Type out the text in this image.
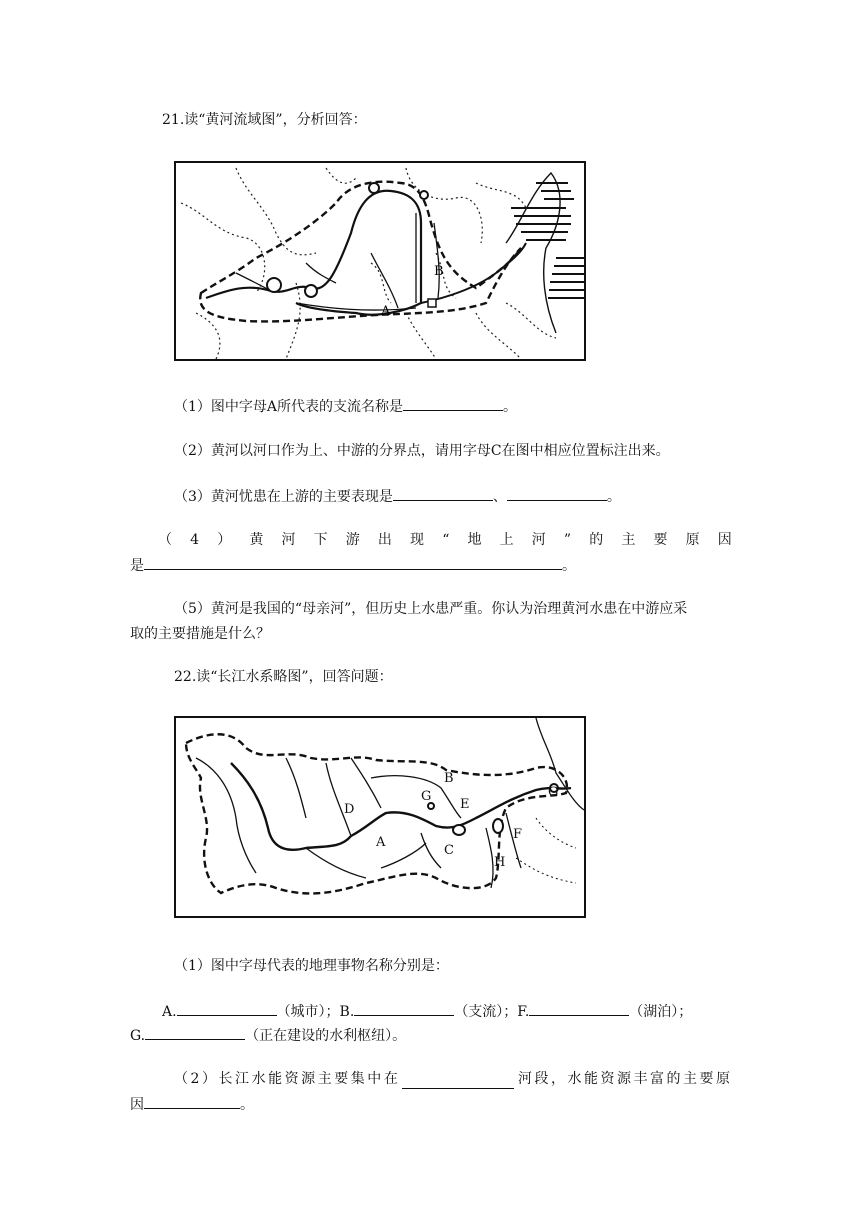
21.读“黄河流域图”，分析回答：
A
B
（1）图中字母A所代表的支流名称是	。
（2）黄河以河口作为上、中游的分界点，请用字母C在图中相应位置标注出来。
（3）黄河忧患在上游的主要表现是	、	。
（ 4 ） 黄 河 下 游 出 现 “ 地 上 河 ” 的 主 要 原 因
是	。
（5）黄河是我国的“母亲河”，但历史上水患严重。你认为治理黄河水患在中游应采
取的主要措施是什么？
22.读“长江水系略图”，回答问题：
A
B
C
D	E
F
G
H
G
（1）图中字母代表的地理事物名称分别是：
A.	（城市）；B.	（支流）；F.	（湖泊）；
G.	（正在建设的水利枢纽）。
（ 2 ） 长 江 水 能 资 源 主 要 集 中 在	河 段 ， 水 能 资 源 丰 富 的 主 要 原
因	。
